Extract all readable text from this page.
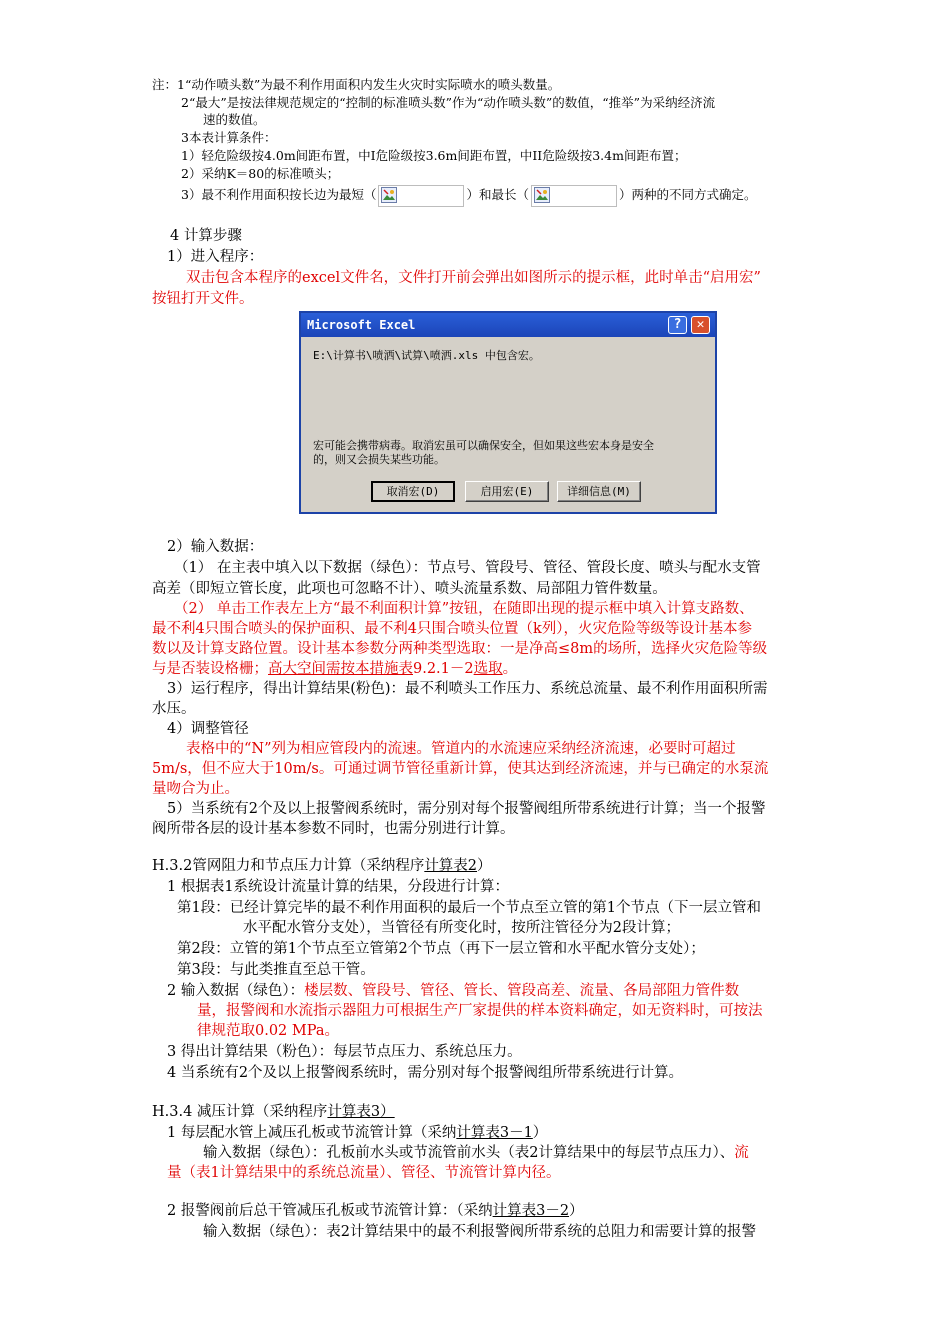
注：1“动作喷头数”为最不利作用面积内发生火灾时实际喷水的喷头数量。
2“最大”是按法律规范规定的“控制的标准喷头数”作为“动作喷头数”的数值，“推举”为采纳经济流
速的数值。
3本表计算条件：
1）轻危险级按4.0m间距布置，中I危险级按3.6m间距布置，中II危险级按3.4m间距布置；
2）采纳K＝80的标准喷头；
3）最不利作用面积按长边为最短（	）和最长（	）两种的不同方式确定。
4 计算步骤
1）进入程序：
双击包含本程序的excel文件名，文件打开前会弹出如图所示的提示框，此时单击“启用宏”
按钮打开文件。
Microsoft Excel	?	✕
E:\计算书\喷洒\试算\喷洒.xls 中包含宏。
宏可能会携带病毒。取消宏虽可以确保安全，但如果这些宏本身是安全
的，则又会损失某些功能。
取消宏(D)	启用宏(E)	详细信息(M)
2）输入数据：
（1） 在主表中填入以下数据（绿色）：节点号、管段号、管径、管段长度、喷头与配水支管
高差（即短立管长度，此项也可忽略不计）、喷头流量系数、局部阻力管件数量。
（2） 单击工作表左上方“最不利面积计算”按钮，在随即出现的提示框中填入计算支路数、
最不利4只围合喷头的保护面积、最不利4只围合喷头位置（k列），火灾危险等级等设计基本参
数以及计算支路位置。设计基本参数分两种类型选取：一是净高≤8m的场所，选择火灾危险等级
与是否装设格栅；高大空间需按本措施表9.2.1－2选取。
3）运行程序，得出计算结果(粉色)：最不利喷头工作压力、系统总流量、最不利作用面积所需
水压。
4）调整管径
表格中的“N”列为相应管段内的流速。管道内的水流速应采纳经济流速，必要时可超过
5m/s，但不应大于10m/s。可通过调节管径重新计算，使其达到经济流速，并与已确定的水泵流
量吻合为止。
5）当系统有2个及以上报警阀系统时，需分别对每个报警阀组所带系统进行计算；当一个报警
阀所带各层的设计基本参数不同时，也需分别进行计算。
H.3.2管网阻力和节点压力计算（采纳程序计算表2）
1 根据表1系统设计流量计算的结果，分段进行计算：
第1段：已经计算完毕的最不利作用面积的最后一个节点至立管的第1个节点（下一层立管和
水平配水管分支处），当管径有所变化时，按所注管径分为2段计算；
第2段：立管的第1个节点至立管第2个节点（再下一层立管和水平配水管分支处）；
第3段：与此类推直至总干管。
2 输入数据（绿色）：楼层数、管段号、管径、管长、管段高差、流量、各局部阻力管件数
量，报警阀和水流指示器阻力可根据生产厂家提供的样本资料确定，如无资料时，可按法
律规范取0.02 MPa。
3 得出计算结果（粉色）：每层节点压力、系统总压力。
4 当系统有2个及以上报警阀系统时，需分别对每个报警阀组所带系统进行计算。
H.3.4 减压计算（采纳程序计算表3）
1 每层配水管上减压孔板或节流管计算（采纳计算表3－1）
输入数据（绿色）：孔板前水头或节流管前水头（表2计算结果中的每层节点压力）、流
量（表1计算结果中的系统总流量）、管径、节流管计算内径。
2 报警阀前后总干管减压孔板或节流管计算：（采纳计算表3－2）
输入数据（绿色）：表2计算结果中的最不利报警阀所带系统的总阻力和需要计算的报警
